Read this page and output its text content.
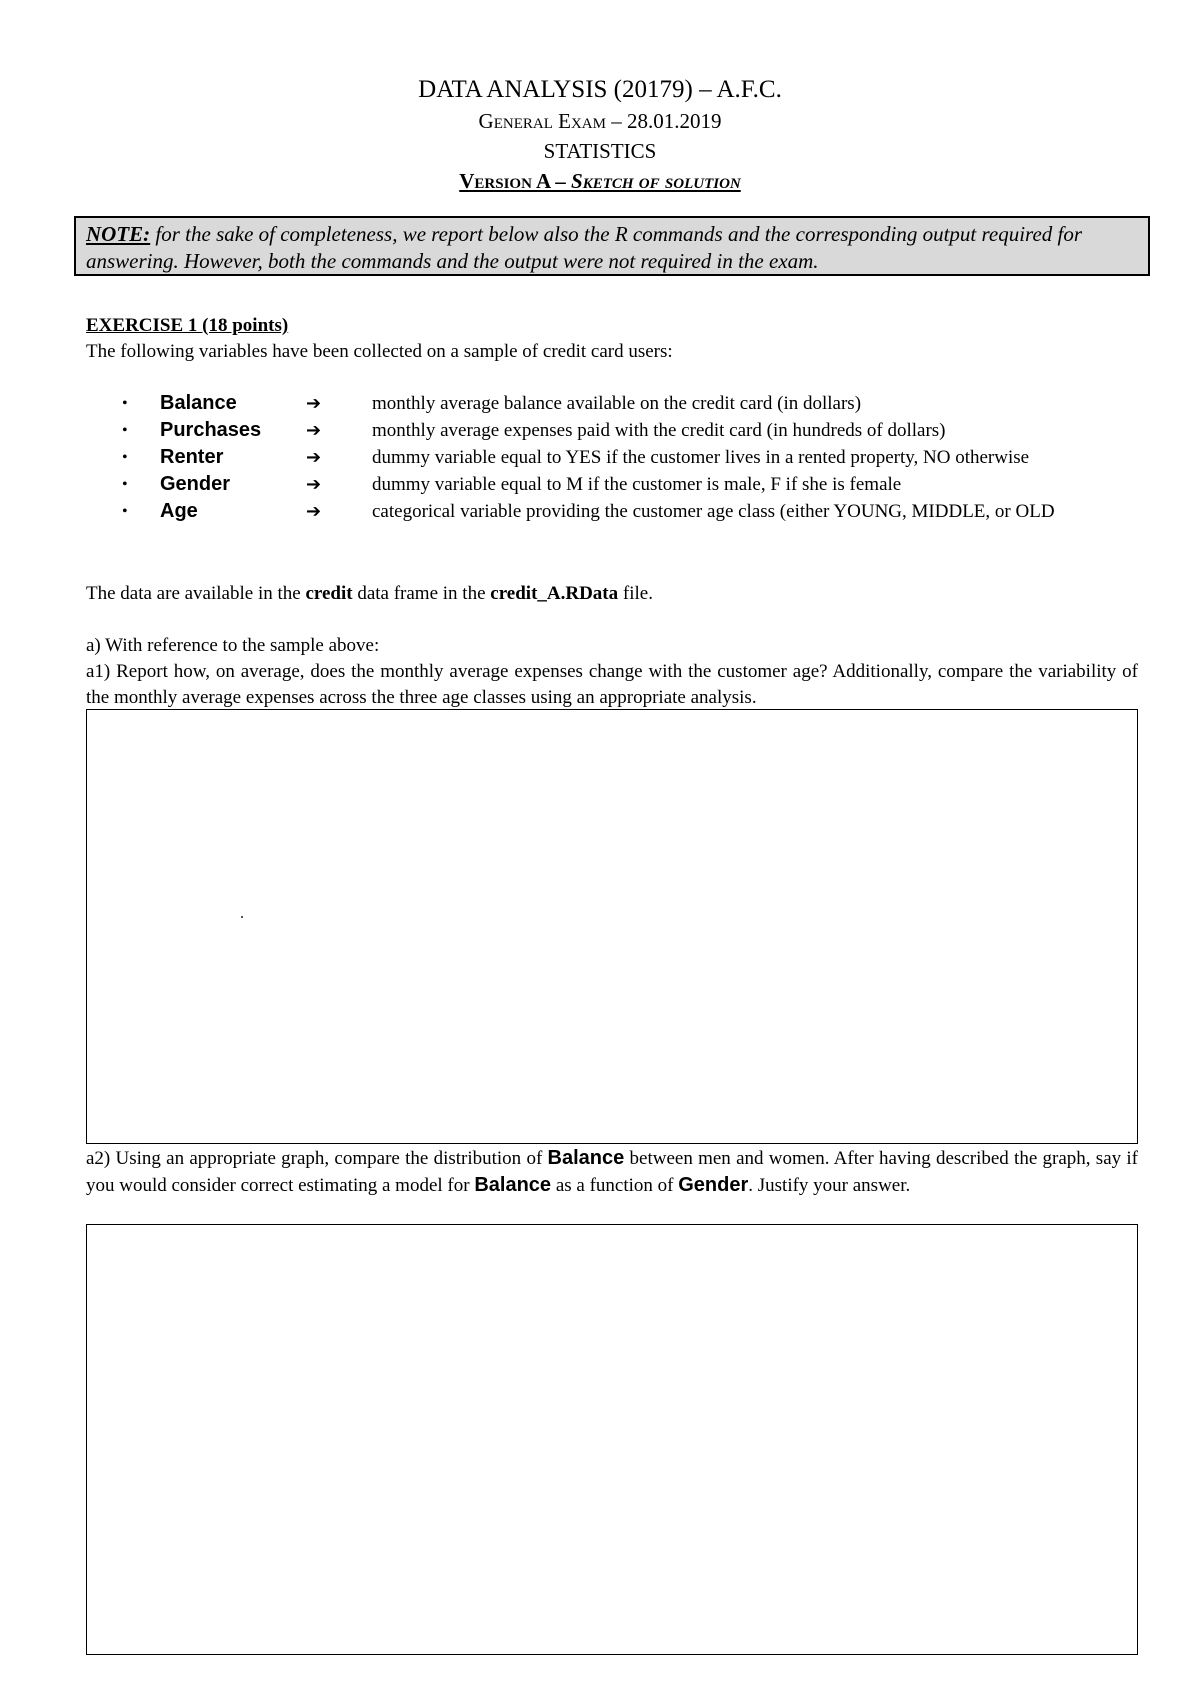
DATA ANALYSIS (20179) – A.F.C.
General Exam – 28.01.2019
STATISTICS
Version A – Sketch of solution
NOTE: for the sake of completeness, we report below also the R commands and the corresponding output required for answering. However, both the commands and the output were not required in the exam.
EXERCISE 1 (18 points)
The following variables have been collected on a sample of credit card users:
•	Balance	➔	monthly average balance available on the credit card (in dollars)
•	Purchases	➔	monthly average expenses paid with the credit card (in hundreds of dollars)
•	Renter	➔	dummy variable equal to YES if the customer lives in a rented property, NO otherwise
•	Gender	➔	dummy variable equal to M if the customer is male, F if she is female
•	Age	➔	categorical variable providing the customer age class (either YOUNG, MIDDLE, or OLD
The data are available in the credit data frame in the credit_A.RData file.
a) With reference to the sample above:
a1) Report how, on average, does the monthly average expenses change with the customer age? Additionally, compare the variability of the monthly average expenses across the three age classes using an appropriate analysis.
a2) Using an appropriate graph, compare the distribution of Balance between men and women. After having described the graph, say if you would consider correct estimating a model for Balance as a function of Gender. Justify your answer.
